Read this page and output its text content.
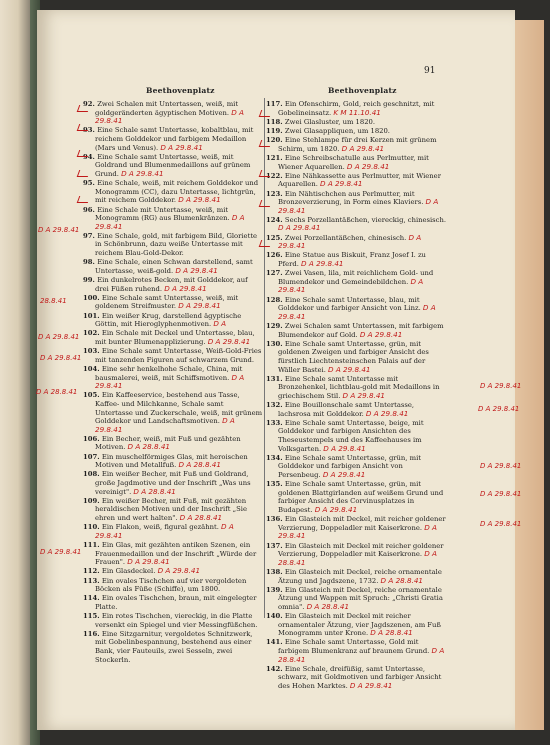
91
Beethovenplatz	Beethovenplatz
92. Zwei Schalen mit Untertassen, weiß, mit goldgeränderten ägyptischen Motiven. D A 29.8.41
93. Eine Schale samt Untertasse, kobaltblau, mit reichem Golddekor und farbigem Medaillon (Mars und Venus). D A 29.8.41
94. Eine Schale samt Untertasse, weiß, mit Goldrand und Blumenmedaillons auf grünem Grund. D A 29.8.41
95. Eine Schale, weiß, mit reichem Golddekor und Monogramm (CC), dazu Untertasse, lichtgrün, mit reichem Golddekor. D A 29.8.41
96. Eine Schale mit Untertasse, weiß, mit Monogramm (RG) aus Blumenkränzen. D A 29.8.41
97. Eine Schale, gold, mit farbigem Bild, Gloriette in Schönbrunn, dazu weiße Untertasse mit reichem Blau-Gold-Dekor.
98. Eine Schale, einen Schwan darstellend, samt Untertasse, weiß-gold. D A 29.8.41
99. Ein dunkelrotes Becken, mit Golddekor, auf drei Füßen ruhend. D A 29.8.41
100. Eine Schale samt Untertasse, weiß, mit goldenem Streifmuster. D A 29.8.41
101. Ein weißer Krug, darstellend ägyptische Göttin, mit Hieroglyphenmotiven. D A
102. Ein Schale mit Deckel und Untertasse, blau, mit bunter Blumenapplizierung. D A 29.8.41
103. Eine Schale samt Untertasse, Weiß-Gold-Fries mit tanzenden Figuren auf schwarzem Grund.
104. Eine sehr henkelhohe Schale, China, mit bausmalerei, weiß, mit Schiffsmotiven. D A 29.8.41
105. Ein Kaffeeservice, bestehend aus Tasse, Kaffee- und Milchkanne, Schale samt Untertasse und Zuckerschale, weiß, mit grünem Golddekor und Landschaftsmotiven. D A 29.8.41
106. Ein Becher, weiß, mit Fuß und gezähten Motiven. D A 28.8.41
107. Ein muschelförmiges Glas, mit heroischen Motiven und Metallfuß. D A 28.8.41
108. Ein weißer Becher, mit Fuß und Goldrand, große Jagdmotive und der Inschrift „Was uns vereinigt". D A 28.8.41
109. Ein weißer Becher, mit Fuß, mit gezähten heraldischen Motiven und der Inschrift „Sie ehren und wert halten". D A 28.8.41
110. Ein Flakon, weiß, figural gezähnt. D A 29.8.41
111. Ein Glas, mit gezähten antiken Szenen, ein Frauenmedaillon und der Inschrift „Würde der Frauen". D A 29.8.41
112. Ein Glasdeckel. D A 29.8.41
113. Ein ovales Tischchen auf vier vergoldeten Böcken als Füße (Schiffe), um 1800.
114. Ein ovales Tischchen, braun, mit eingelegter Platte.
115. Ein rotes Tischchen, viereckig, in die Platte versenkt ein Spiegel und vier Messingfüßchen.
116. Eine Sitzgarnitur, vergoldetes Schnitzwerk, mit Gobelinbespannung, bestehend aus einer Bank, vier Fauteuils, zwei Sesseln, zwei Stockerln.
117. Ein Ofenschirm, Gold, reich geschnitzt, mit Gobelineinsatz. K M 11.10.41
118. Zwei Glasluster, um 1820.
119. Zwei Glasappliquen, um 1820.
120. Eine Stehlampe für drei Kerzen mit grünem Schirm, um 1820. D A 29.8.41
121. Eine Schreibschatulle aus Perlmutter, mit Wiener Aquarellen. D A 29.8.41
122. Eine Nähkassette aus Perlmutter, mit Wiener Aquarellen. D A 29.8.41
123. Ein Nähtischchen aus Perlmutter, mit Bronzeverzierung, in Form eines Klaviers. D A 29.8.41
124. Sechs Porzellantäßchen, viereckig, chinesisch. D A 29.8.41
125. Zwei Porzellantäßchen, chinesisch. D A 29.8.41
126. Eine Statue aus Biskuit, Franz Josef I. zu Pferd. D A 29.8.41
127. Zwei Vasen, lila, mit reichlichem Gold- und Blumendekor und Gemeindebildchen. D A 29.8.41
128. Eine Schale samt Untertasse, blau, mit Golddekor und farbiger Ansicht von Linz. D A 29.8.41
129. Zwei Schalen samt Untertassen, mit farbigem Blumendekor auf Gold. D A 29.8.41
130. Eine Schale samt Untertasse, grün, mit goldenen Zweigen und farbiger Ansicht des fürstlich Liechtensteinschen Palais auf der Wäller Bastei. D A 29.8.41
131. Eine Schale samt Untertasse mit Bronzehenkel, lichtblau-gold mit Medaillons in griechischem Stil. D A 29.8.41
132. Eine Bouillonschale samt Untertasse, lachsrosa mit Golddekor. D A 29.8.41
133. Eine Schale samt Untertasse, beige, mit Golddekor und farbigen Ansichten des Theseustempels und des Kaffeehauses im Volksgarten. D A 29.8.41
134. Eine Schale samt Untertasse, grün, mit Golddekor und farbigen Ansicht von Persenbeug. D A 29.8.41
135. Eine Schale samt Untertasse, grün, mit goldenen Blattgirlanden auf weißem Grund und farbiger Ansicht des Corvinusplatzes in Budapest. D A 29.8.41
136. Ein Glasteich mit Deckel, mit reicher goldener Verzierung, Doppeladler mit Kaiserkrone. D A 29.8.41
137. Ein Glasteich mit Deckel mit reicher goldener Verzierung, Doppeladler mit Kaiserkrone. D A 28.8.41
138. Ein Glasteich mit Deckel, reiche ornamentale Ätzung und Jagdszene, 1732. D A 28.8.41
139. Ein Glasteich mit Deckel, reiche ornamentale Ätzung und Wappen mit Spruch: „Christi Gratia omnia". D A 28.8.41
140. Ein Glasteich mit Deckel mit reicher ornamentaler Ätzung, vier Jagdszenen, am Fuß Monogramm unter Krone. D A 28.8.41
141. Eine Schale samt Untertasse, Gold mit farbigem Blumenkranz auf braunem Grund. D A 28.8.41
142. Eine Schale, dreifüßig, samt Untertasse, schwarz, mit Goldmotiven und farbiger Ansicht des Hohen Marktes. D A 29.8.41
D A 29.8.41
28.8.41
D A 29.8.41
D A 29.8.41
D A 28.8.41
D A 29.8.41
D A 29.8.41
D A 29.8.41
D A 29.8.41
D A 29.8.41
D A 29.8.41
